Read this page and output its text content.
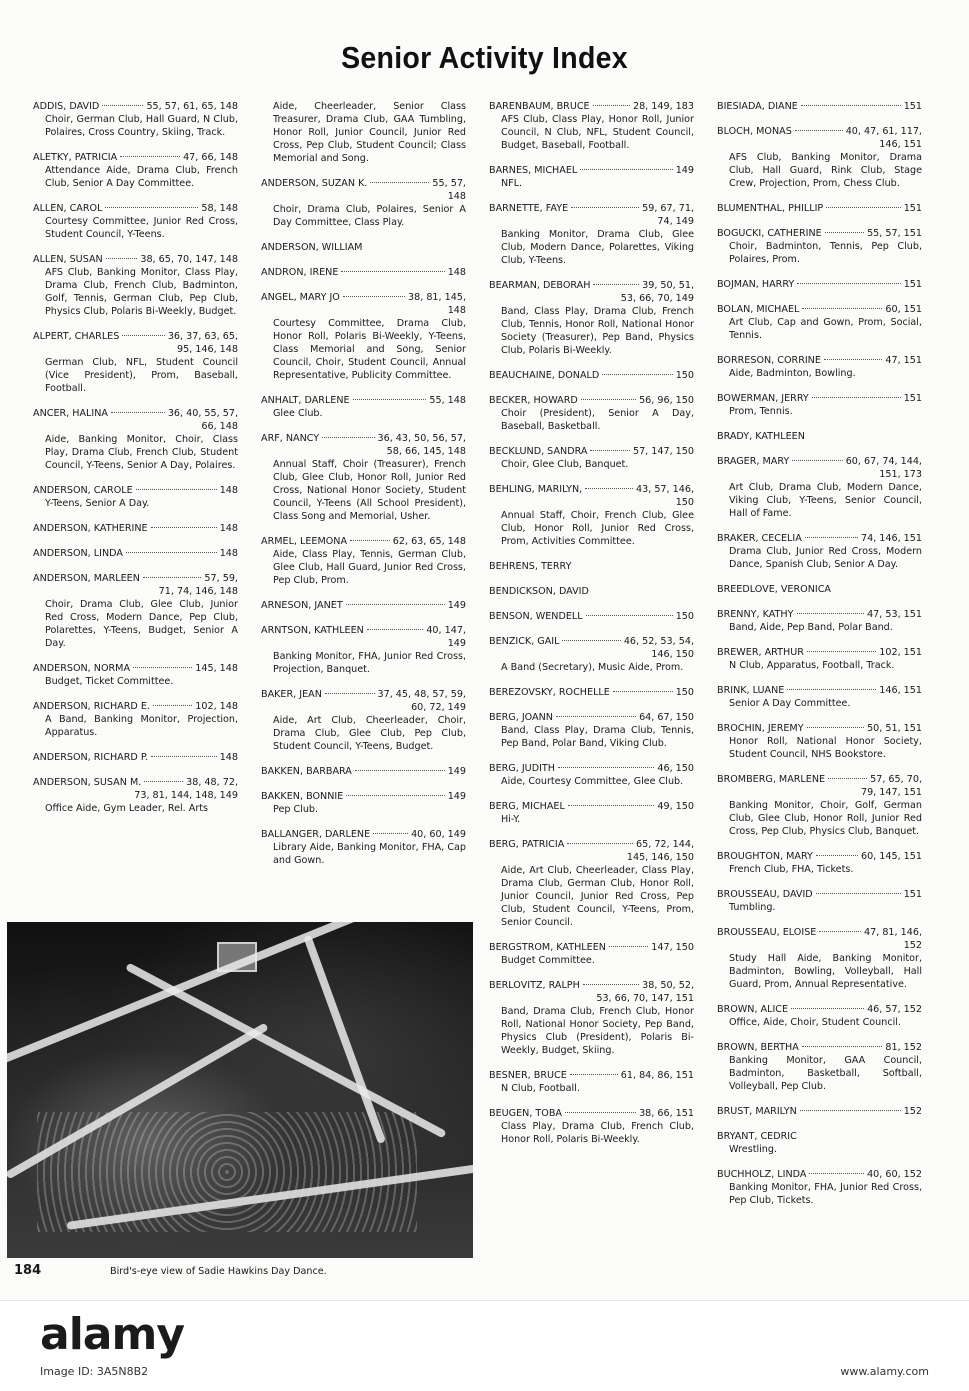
Senior Activity Index
ADDIS, DAVID	55, 57, 61, 65, 148
Choir, German Club, Hall Guard, N Club, Polaires, Cross Country, Skiing, Track.
ALETKY, PATRICIA	47, 66, 148
Attendance Aide, Drama Club, French Club, Senior A Day Committee.
ALLEN, CAROL	58, 148
Courtesy Committee, Junior Red Cross, Student Council, Y-Teens.
ALLEN, SUSAN	38, 65, 70, 147, 148
AFS Club, Banking Monitor, Class Play, Drama Club, French Club, Badminton, Golf, Tennis, German Club, Pep Club, Physics Club, Polaris Bi-Weekly, Budget.
ALPERT, CHARLES	36, 37, 63, 65,
95, 146, 148
German Club, NFL, Student Council (Vice President), Prom, Baseball, Football.
ANCER, HALINA	36, 40, 55, 57,
66, 148
Aide, Banking Monitor, Choir, Class Play, Drama Club, French Club, Student Council, Y-Teens, Senior A Day, Polaires.
ANDERSON, CAROLE	148
Y-Teens, Senior A Day.
ANDERSON, KATHERINE	148
ANDERSON, LINDA	148
ANDERSON, MARLEEN	57, 59,
71, 74, 146, 148
Choir, Drama Club, Glee Club, Junior Red Cross, Modern Dance, Pep Club, Polarettes, Y-Teens, Budget, Senior A Day.
ANDERSON, NORMA	145, 148
Budget, Ticket Committee.
ANDERSON, RICHARD E.	102, 148
A Band, Banking Monitor, Projection, Apparatus.
ANDERSON, RICHARD P.	148
ANDERSON, SUSAN M.	38, 48, 72,
73, 81, 144, 148, 149
Office Aide, Gym Leader, Rel. Arts
Aide, Cheerleader, Senior Class Treasurer, Drama Club, GAA Tumbling, Honor Roll, Junior Council, Junior Red Cross, Pep Club, Student Council; Class Memorial and Song.
ANDERSON, SUZAN K.	55, 57,
148
Choir, Drama Club, Polaires, Senior A Day Committee, Class Play.
ANDERSON, WILLIAM
ANDRON, IRENE	148
ANGEL, MARY JO	38, 81, 145,
148
Courtesy Committee, Drama Club, Honor Roll, Polaris Bi-Weekly, Y-Teens, Class Memorial and Song, Senior Council, Choir, Student Council, Annual Representative, Publicity Committee.
ANHALT, DARLENE	55, 148
Glee Club.
ARF, NANCY	36, 43, 50, 56, 57,
58, 66, 145, 148
Annual Staff, Choir (Treasurer), French Club, Glee Club, Honor Roll, Junior Red Cross, National Honor Society, Student Council, Y-Teens (All School President), Class Song and Memorial, Usher.
ARMEL, LEEMONA	62, 63, 65, 148
Aide, Class Play, Tennis, German Club, Glee Club, Hall Guard, Junior Red Cross, Pep Club, Prom.
ARNESON, JANET	149
ARNTSON, KATHLEEN	40, 147,
149
Banking Monitor, FHA, Junior Red Cross, Projection, Banquet.
BAKER, JEAN	37, 45, 48, 57, 59,
60, 72, 149
Aide, Art Club, Cheerleader, Choir, Drama Club, Glee Club, Pep Club, Student Council, Y-Teens, Budget.
BAKKEN, BARBARA	149
BAKKEN, BONNIE	149
Pep Club.
BALLANGER, DARLENE	40, 60, 149
Library Aide, Banking Monitor, FHA, Cap and Gown.
BARENBAUM, BRUCE	28, 149, 183
AFS Club, Class Play, Honor Roll, Junior Council, N Club, NFL, Student Council, Budget, Baseball, Football.
BARNES, MICHAEL	149
NFL.
BARNETTE, FAYE	59, 67, 71,
74, 149
Banking Monitor, Drama Club, Glee Club, Modern Dance, Polarettes, Viking Club, Y-Teens.
BEARMAN, DEBORAH	39, 50, 51,
53, 66, 70, 149
Band, Class Play, Drama Club, French Club, Tennis, Honor Roll, National Honor Society (Treasurer), Pep Band, Physics Club, Polaris Bi-Weekly.
BEAUCHAINE, DONALD	150
BECKER, HOWARD	56, 96, 150
Choir (President), Senior A Day, Baseball, Basketball.
BECKLUND, SANDRA	57, 147, 150
Choir, Glee Club, Banquet.
BEHLING, MARILYN,	43, 57, 146,
150
Annual Staff, Choir, French Club, Glee Club, Honor Roll, Junior Red Cross, Prom, Activities Committee.
BEHRENS, TERRY
BENDICKSON, DAVID
BENSON, WENDELL	150
BENZICK, GAIL	46, 52, 53, 54,
146, 150
A Band (Secretary), Music Aide, Prom.
BEREZOVSKY, ROCHELLE	150
BERG, JOANN	64, 67, 150
Band, Class Play, Drama Club, Tennis, Pep Band, Polar Band, Viking Club.
BERG, JUDITH	46, 150
Aide, Courtesy Committee, Glee Club.
BERG, MICHAEL	49, 150
Hi-Y.
BERG, PATRICIA	65, 72, 144,
145, 146, 150
Aide, Art Club, Cheerleader, Class Play, Drama Club, German Club, Honor Roll, Junior Council, Junior Red Cross, Pep Club, Student Council, Y-Teens, Prom, Senior Council.
BERGSTROM, KATHLEEN	147, 150
Budget Committee.
BERLOVITZ, RALPH	38, 50, 52,
53, 66, 70, 147, 151
Band, Drama Club, French Club, Honor Roll, National Honor Society, Pep Band, Physics Club (President), Polaris Bi-Weekly, Budget, Skiing.
BESNER, BRUCE	61, 84, 86, 151
N Club, Football.
BEUGEN, TOBA	38, 66, 151
Class Play, Drama Club, French Club, Honor Roll, Polaris Bi-Weekly.
BIESIADA, DIANE	151
BLOCH, MONAS	40, 47, 61, 117,
146, 151
AFS Club, Banking Monitor, Drama Club, Hall Guard, Rink Club, Stage Crew, Projection, Prom, Chess Club.
BLUMENTHAL, PHILLIP	151
BOGUCKI, CATHERINE	55, 57, 151
Choir, Badminton, Tennis, Pep Club, Polaires, Prom.
BOJMAN, HARRY	151
BOLAN, MICHAEL	60, 151
Art Club, Cap and Gown, Prom, Social, Tennis.
BORRESON, CORRINE	47, 151
Aide, Badminton, Bowling.
BOWERMAN, JERRY	151
Prom, Tennis.
BRADY, KATHLEEN
BRAGER, MARY	60, 67, 74, 144,
151, 173
Art Club, Drama Club, Modern Dance, Viking Club, Y-Teens, Senior Council, Hall of Fame.
BRAKER, CECELIA	74, 146, 151
Drama Club, Junior Red Cross, Modern Dance, Spanish Club, Senior A Day.
BREEDLOVE, VERONICA
BRENNY, KATHY	47, 53, 151
Band, Aide, Pep Band, Polar Band.
BREWER, ARTHUR	102, 151
N Club, Apparatus, Football, Track.
BRINK, LUANE	146, 151
Senior A Day Committee.
BROCHIN, JEREMY	50, 51, 151
Honor Roll, National Honor Society, Student Council, NHS Bookstore.
BROMBERG, MARLENE	57, 65, 70,
79, 147, 151
Banking Monitor, Choir, Golf, German Club, Glee Club, Honor Roll, Junior Red Cross, Pep Club, Physics Club, Banquet.
BROUGHTON, MARY	60, 145, 151
French Club, FHA, Tickets.
BROUSSEAU, DAVID	151
Tumbling.
BROUSSEAU, ELOISE	47, 81, 146,
152
Study Hall Aide, Banking Monitor, Badminton, Bowling, Volleyball, Hall Guard, Prom, Annual Representative.
BROWN, ALICE	46, 57, 152
Office, Aide, Choir, Student Council.
BROWN, BERTHA	81, 152
Banking Monitor, GAA Council, Badminton, Basketball, Softball, Volleyball, Pep Club.
BRUST, MARILYN	152
BRYANT, CEDRIC
Wrestling.
BUCHHOLZ, LINDA	40, 60, 152
Banking Monitor, FHA, Junior Red Cross, Pep Club, Tickets.
184	Bird's-eye view of Sadie Hawkins Day Dance.
alamy
Image ID: 3A5N8B2	www.alamy.com
